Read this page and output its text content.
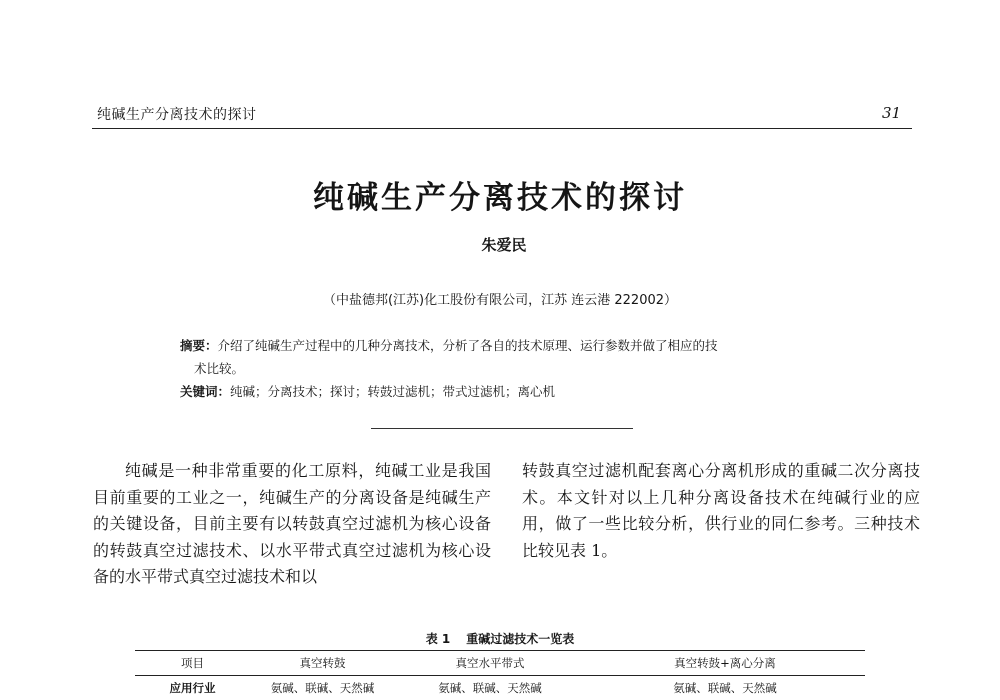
纯碱生产分离技术的探讨	31
纯碱生产分离技术的探讨
朱爱民
（中盐德邦(江苏)化工股份有限公司，江苏 连云港 222002）

摘要：介绍了纯碱生产过程中的几种分离技术，分析了各自的技术原理、运行参数并做了相应的技

术比较。

关键词：纯碱；分离技术；探讨；转鼓过滤机；带式过滤机；离心机

纯碱是一种非常重要的化工原料，纯碱工业是我国目前重要的工业之一，纯碱生产的分离设备是纯碱生产的关键设备，目前主要有以转鼓真空过滤机为核心设备的转鼓真空过滤技术、以水平带式真空过滤机为核心设备的水平带式真空过滤技术和以

转鼓真空过滤机配套离心分离机形成的重碱二次分离技术。本文针对以上几种分离设备技术在纯碱行业的应用，做了一些比较分析，供行业的同仁参考。三种技术比较见表 1。

表 1 重碱过滤技术一览表
项目	真空转鼓	真空水平带式	真空转鼓+离心分离
应用行业	氨碱、联碱、天然碱	氨碱、联碱、天然碱	氨碱、联碱、天然碱
